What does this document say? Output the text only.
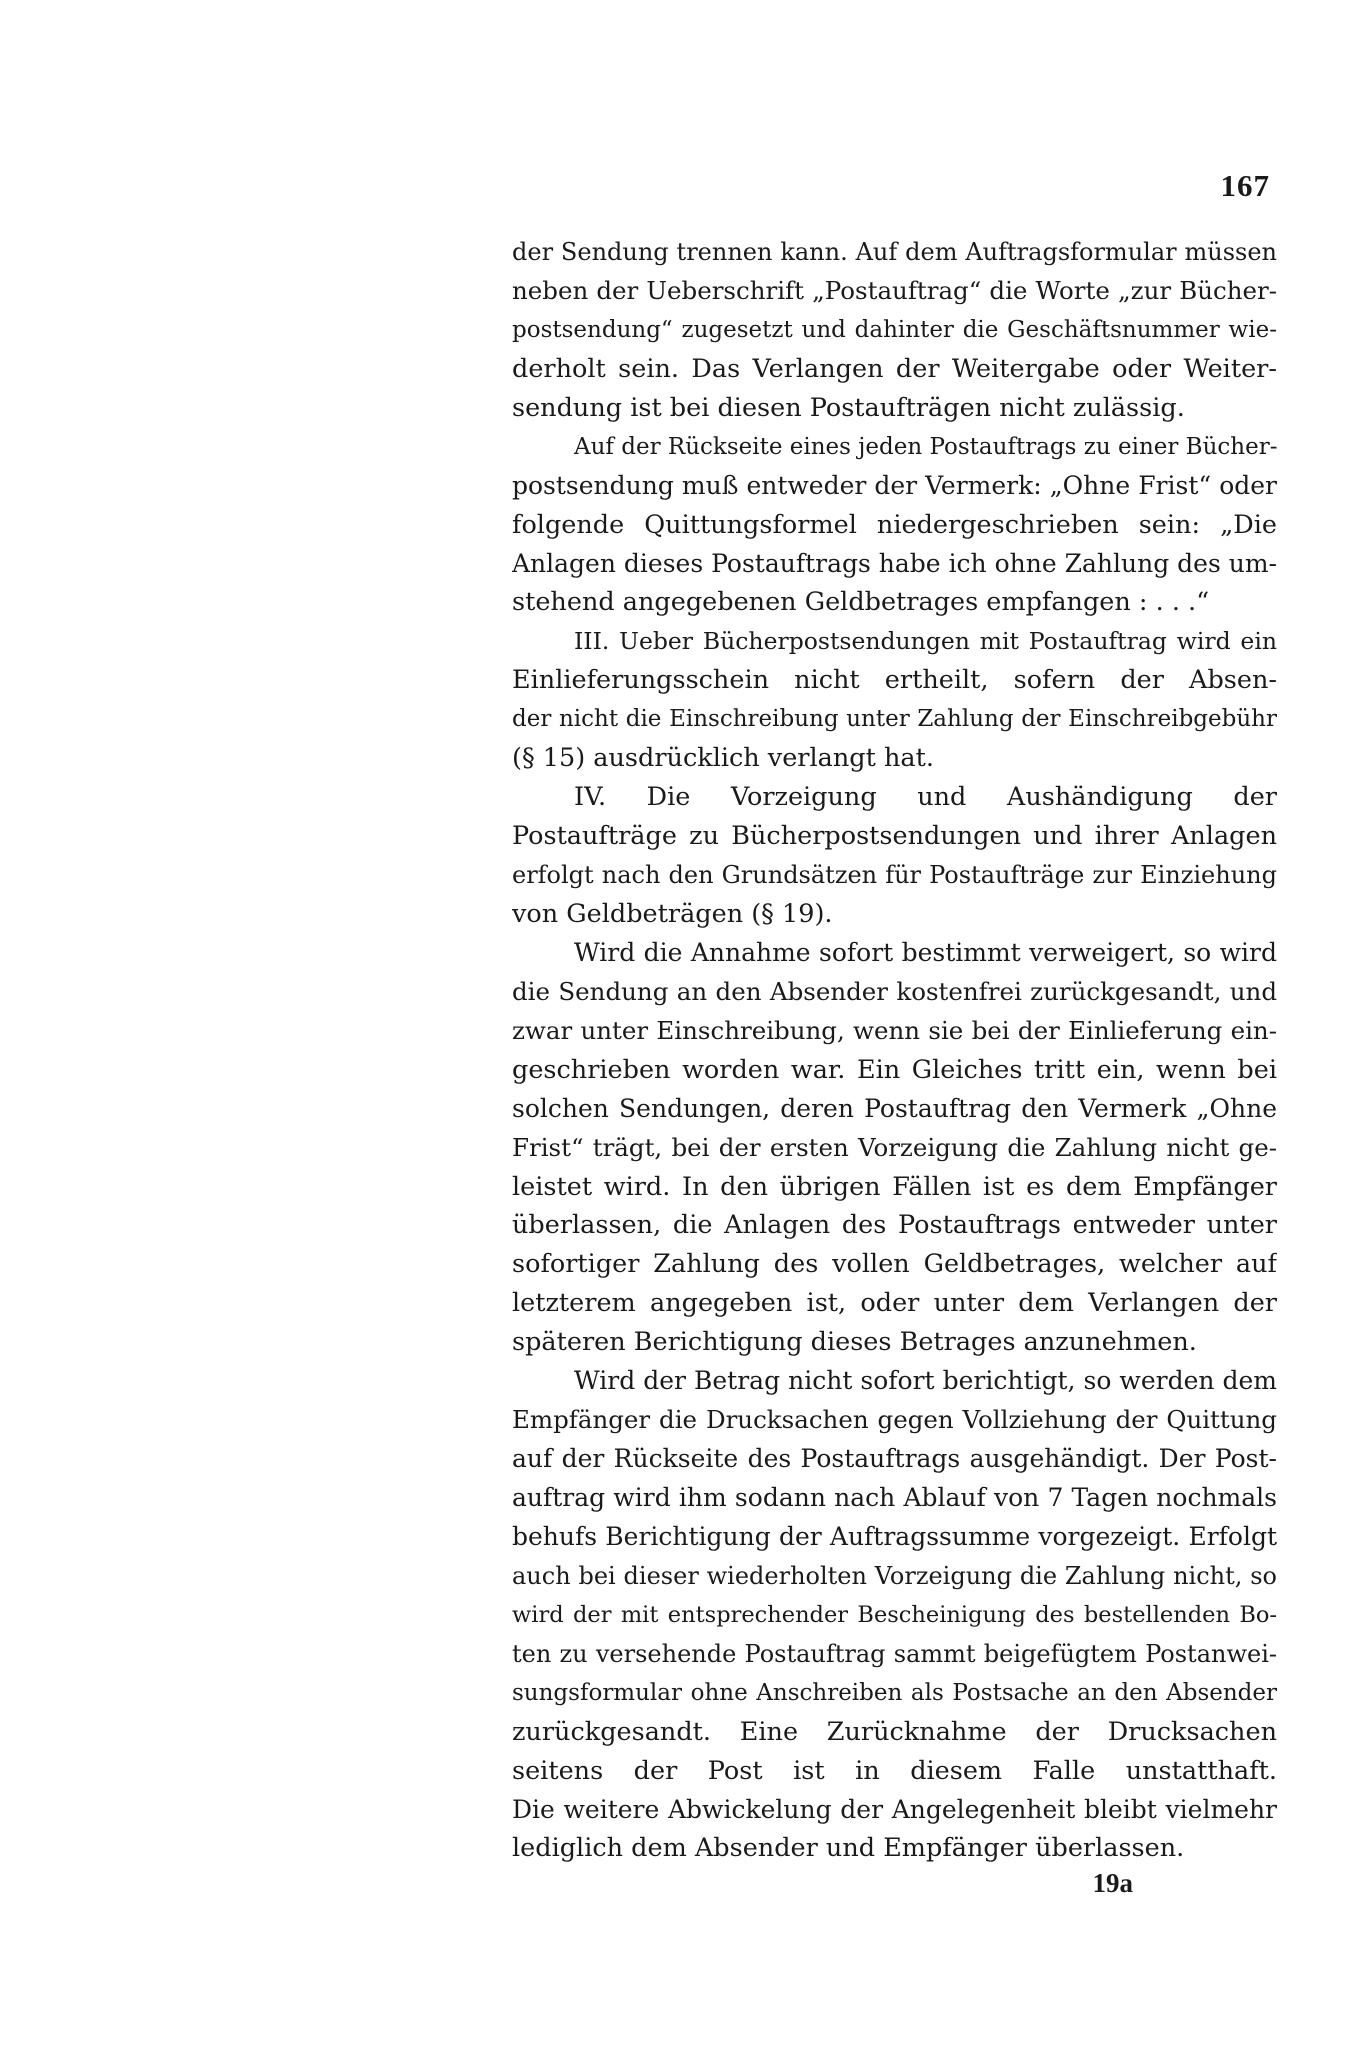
167
der Sendung trennen kann. Auf dem Auftragsformular müssen
neben der Ueberschrift „Postauftrag“ die Worte „zur Bücher-
postsendung“ zugesetzt und dahinter die Geschäftsnummer wie-
derholt sein. Das Verlangen der Weitergabe oder Weiter-
sendung ist bei diesen Postaufträgen nicht zulässig.
Auf der Rückseite eines jeden Postauftrags zu einer Bücher-
postsendung muß entweder der Vermerk: „Ohne Frist“ oder
folgende Quittungsformel niedergeschrieben sein: „Die
Anlagen dieses Postauftrags habe ich ohne Zahlung des um-
stehend angegebenen Geldbetrages empfangen : . . .“
III. Ueber Bücherpostsendungen mit Postauftrag wird ein
Einlieferungsschein nicht ertheilt, sofern der Absen-
der nicht die Einschreibung unter Zahlung der Einschreibgebühr
(§ 15) ausdrücklich verlangt hat.
IV. Die Vorzeigung und Aushändigung der
Postaufträge zu Bücherpostsendungen und ihrer Anlagen
erfolgt nach den Grundsätzen für Postaufträge zur Einziehung
von Geldbeträgen (§ 19).
Wird die Annahme sofort bestimmt verweigert, so wird
die Sendung an den Absender kostenfrei zurückgesandt, und
zwar unter Einschreibung, wenn sie bei der Einlieferung ein-
geschrieben worden war. Ein Gleiches tritt ein, wenn bei
solchen Sendungen, deren Postauftrag den Vermerk „Ohne
Frist“ trägt, bei der ersten Vorzeigung die Zahlung nicht ge-
leistet wird. In den übrigen Fällen ist es dem Empfänger
überlassen, die Anlagen des Postauftrags entweder unter
sofortiger Zahlung des vollen Geldbetrages, welcher auf
letzterem angegeben ist, oder unter dem Verlangen der
späteren Berichtigung dieses Betrages anzunehmen.
Wird der Betrag nicht sofort berichtigt, so werden dem
Empfänger die Drucksachen gegen Vollziehung der Quittung
auf der Rückseite des Postauftrags ausgehändigt. Der Post-
auftrag wird ihm sodann nach Ablauf von 7 Tagen nochmals
behufs Berichtigung der Auftragssumme vorgezeigt. Erfolgt
auch bei dieser wiederholten Vorzeigung die Zahlung nicht, so
wird der mit entsprechender Bescheinigung des bestellenden Bo-
ten zu versehende Postauftrag sammt beigefügtem Postanwei-
sungsformular ohne Anschreiben als Postsache an den Absender
zurückgesandt. Eine Zurücknahme der Drucksachen
seitens der Post ist in diesem Falle unstatthaft.
Die weitere Abwickelung der Angelegenheit bleibt vielmehr
lediglich dem Absender und Empfänger überlassen.
19a
